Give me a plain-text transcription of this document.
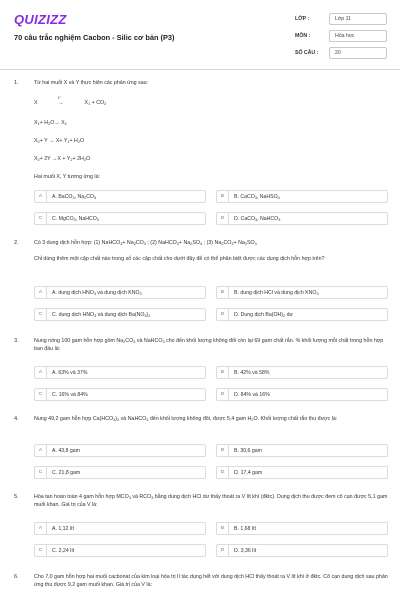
QUIZIZZ
70 câu trắc nghiệm Cacbon - Silic cơ bản (P3)
LỚP :	Lớp 11
MÔN :	Hóa học
SỐ CÂU :	20
1.	Từ hai muối X và Y thực hiện các phản ứng sau:
X
t°
→	$X_1 + CO_2$
$X_1+ H_2O\to X_2$
$X_2+ Y \to X+ Y_1+ H_2O$
$X_2+ 2Y \to X + Y_2+ 2H_2O$
Hai muối X, Y tương ứng là:
A	A. BaCO$_3$, $Na_2CO_3$	B	B. CaCO$_3$, NaHSO$_4$
C	C. MgCO$_3$, NaHCO$_3$	D	D. CaCO$_3$, NaHCO$_3$
2.	Có 3 dung dịch hỗn hợp: (1) NaHCO$_3$+ $Na_2CO_3$ ; (2) NaHCO$_3$+ $Na_2SO_4$ ; (3) $Na_2CO_3+ Na_2SO_4$
Chỉ dùng thêm một cặp chất nào trong số các cặp chất cho dưới đây để có thể phân biệt được các dung dịch hỗn hợp trên?
A	A. dung dịch $HNO_3$ và dung dịch $KNO_3$	B	B. dung dịch HCl và dung dịch $KNO_3$
C	C. dung dịch $HNO_3$ và dung dịch $Ba(NO_3)_2$	D	D. Dung dịch $Ba(OH)_2$ dư
3.	Nung nóng 100 gam hỗn hợp gồm $Na_2CO_3$ và NaHCO$_3$ cho đến khối lượng không đổi còn lại 69 gam chất rắn. % khối lượng mỗi chất trong hỗn hợp ban đầu là:
A	A. 63% và 37%	B	B. 42% và 58%
C	C. 16% và 84%	D	D. 84% và 16%
4.	Nung 49,2 gam hỗn hợp $Ca(HCO_3)_2$ và NaHCO$_3$ đến khối lượng không đổi, được 5,4 gam $H_2O$. Khối lượng chất rắn thu được là:
A	A. 43,8 gam	B	B. 30,6 gam
C	C. 21,8 gam	D	D. 17,4 gam
5.	Hòa tan hoàn toàn 4 gam hỗn hợp $MCO_3$ và $RCO_3$ bằng dung dịch HCl dư thấy thoát ra V lít khí (đktc). Dung dịch thu được đem cô cạn được 5,1 gam muối khan. Giá trị của V là:
A	A. 1,12 lít	B	B. 1,68 lít
C	C. 2,24 lít	D	D. 3,36 lít
6.	Cho 7,0 gam hỗn hợp hai muối cacbonat của kim loại hóa trị II tác dụng hết với dung dịch HCl thấy thoát ra V lít khí ở đktc. Cô cạn dung dịch sau phản ứng thu được 9,2 gam muối khan. Giá trị của V là:
